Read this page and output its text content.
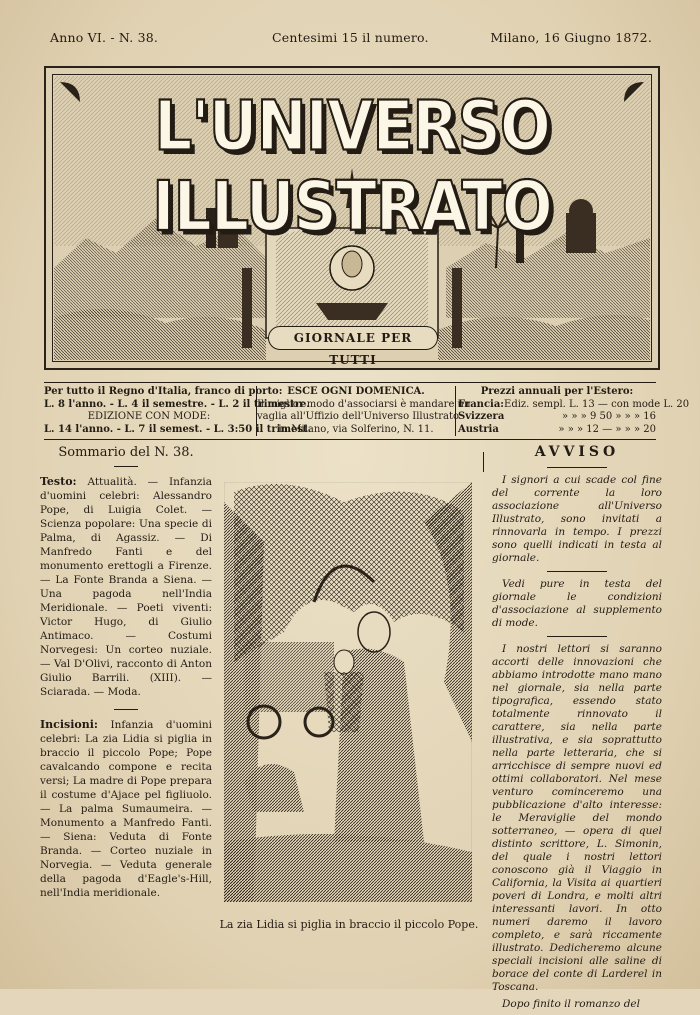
Anno VI. - N. 38.	Centesimi 15 il numero.	Milano, 16 Giugno 1872.
L'UNIVERSO ILLUSTRATO
GIORNALE PER TUTTI
Per tutto il Regno d'Italia, franco di porto:
L. 8 l'anno. - L. 4 il semestre. - L. 2 il trimestre.
EDIZIONE CON MODE:
L. 14 l'anno. - L. 7 il semest. - L. 3:50 il trimest.
ESCE OGNI DOMENICA.
Il miglior modo d'associarsi è mandare un
vaglia all'Uffizio dell'Universo Illustrato
in Milano, via Solferino, N. 11.
Prezzi annuali per l'Estero:
Francia: Ediz. sempl. L. 13 — con mode L. 20
Svizzera	» » » 9 50 » » » 16
Austria	» » » 12 — » » » 20
Sommario del N. 38.

Testo: Attualità. — Infanzia d'uomini celebri: Alessandro Pope, di Luigia Colet. — Scienza popolare: Una specie di Palma, di Agassiz. — Di Manfredo Fanti e del monumento erettogli a Firenze. — La Fonte Branda a Siena. — Una pagoda nell'India Meridionale. — Poeti viventi: Victor Hugo, di Giulio Antimaco. — Costumi Norvegesi: Un corteo nuziale. — Val D'Olivi, racconto di Anton Giulio Barrili. (XIII). — Sciarada. — Moda.

Incisioni: Infanzia d'uomini celebri: La zia Lidia si piglia in braccio il piccolo Pope; Pope cavalcando compone e recita versi; La madre di Pope prepara il costume d'Ajace pel figliuolo. — La palma Sumaumeira. — Monumento a Manfredo Fanti. — Siena: Veduta di Fonte Branda. — Corteo nuziale in Norvegia. — Veduta generale della pagoda d'Eagle's-Hill, nell'India meridionale.

La zia Lidia si piglia in braccio il piccolo Pope.
AVVISO

I signori a cui scade col fine del corrente la loro associazione all'Universo Illustrato, sono invitati a rinnovarla in tempo. I prezzi sono quelli indicati in testa al giornale.

Vedi pure in testa del giornale le condizioni d'associazione al supplemento di mode.

I nostri lettori si saranno accorti delle innovazioni che abbiamo introdotte mano mano nel giornale, sia nella parte tipografica, essendo stato totalmente rinnovato il carattere, sia nella parte illustrativa, e sia soprattutto nella parte letteraria, che si arricchisce di sempre nuovi ed ottimi collaboratori. Nel mese venturo cominceremo una pubblicazione d'alto interesse: le Meraviglie del mondo sotterraneo, — opera di quel distinto scrittore, L. Simonin, del quale i nostri lettori conoscono già il Viaggio in California, la Visita ai quartieri poveri di Londra, e molti altri interessanti lavori. In otto numeri daremo il lavoro completo, e sarà riccamente illustrato. Dedicheremo alcune speciali incisioni alle saline di borace del conte di Larderel in Toscana.

Dopo finito il romanzo del
